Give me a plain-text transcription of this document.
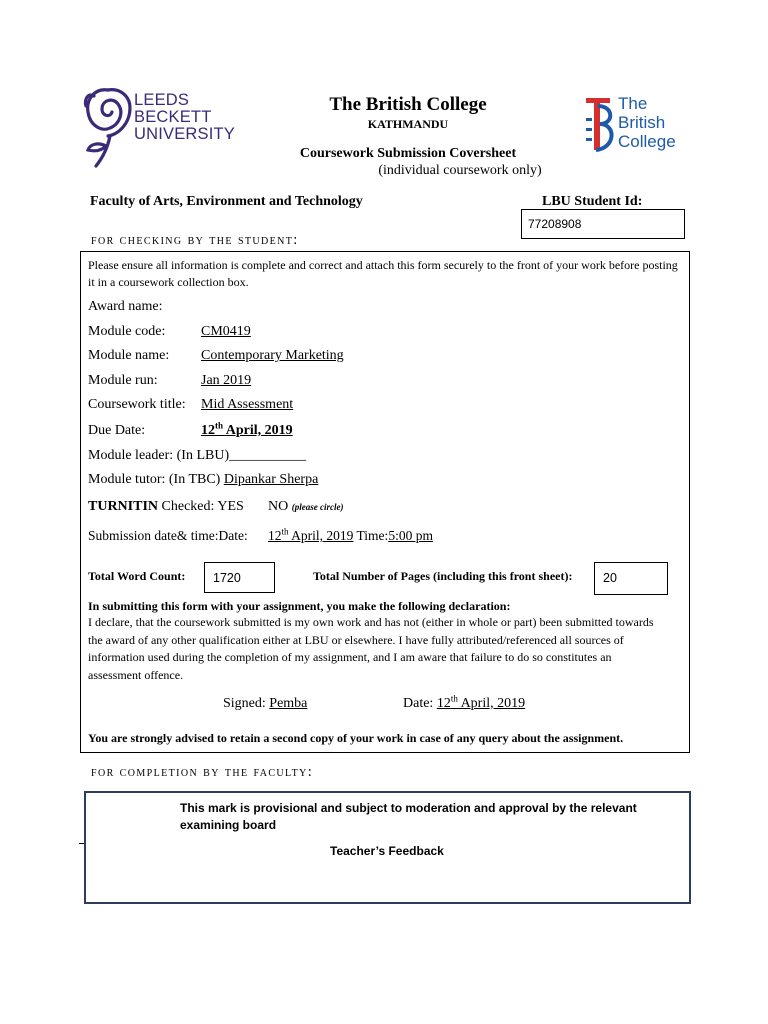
LEEDS
BECKETT
UNIVERSITY
The
British
College
The British College
KATHMANDU
Coursework Submission Coversheet
(individual coursework only)
Faculty of Arts, Environment and Technology	LBU Student Id:
77208908
for checking by the student:
Please ensure all information is complete and correct and attach this form securely to the front of your work before posting it in a coursework collection box.
Award name:
Module code:	CM0419
Module name: Contemporary Marketing
Module run:	Jan 2019
Coursework title: Mid Assessment
Due Date:	12th April, 2019
Module leader: (In LBU)___________
Module tutor: (In TBC) Dipankar Sherpa
TURNITIN Checked: YES NO (please circle)
Submission date& time:Date: 12th April, 2019 Time:5:00 pm
Total Word Count:	1720	Total Number of Pages (including this front sheet):	20
In submitting this form with your assignment, you make the following declaration:
I declare, that the coursework submitted is my own work and has not (either in whole or part) been submitted towards
the award of any other qualification either at LBU or elsewhere. I have fully attributed/referenced all sources of
information used during the completion of my assignment, and I am aware that failure to do so constitutes an
assessment offence.
Signed: Pemba	Date: 12th April, 2019
You are strongly advised to retain a second copy of your work in case of any query about the assignment.
for completion by the faculty:
This mark is provisional and subject to moderation and approval by the relevant
examining board
Teacher’s Feedback
